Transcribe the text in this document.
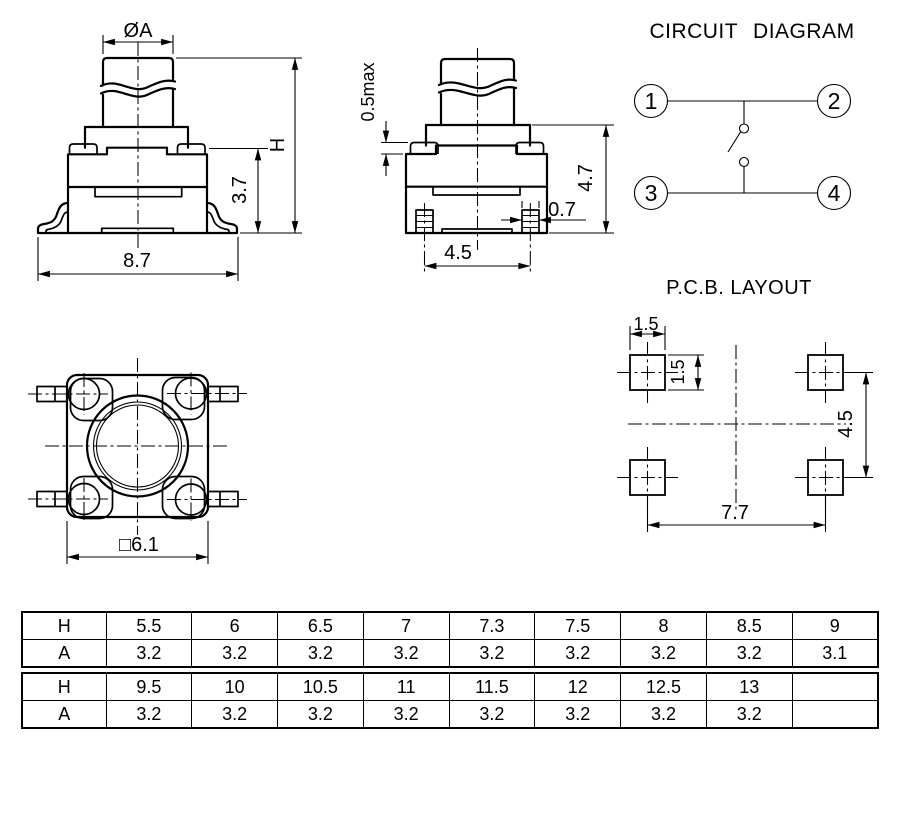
ØA
H
3.7
8.7
0.5max
4.7
0.7
4.5
CIRCUIT DIAGRAM
1	2
3	4
P.C.B. LAYOUT
1.5
1.5
4.5
7.7
□6.1
H	5.5	6	6.5	7	7.3	7.5	8	8.5	9
A	3.2	3.2	3.2	3.2	3.2	3.2	3.2	3.2	3.1
H	9.5	10	10.5	11	11.5	12	12.5	13	
A	3.2	3.2	3.2	3.2	3.2	3.2	3.2	3.2	
